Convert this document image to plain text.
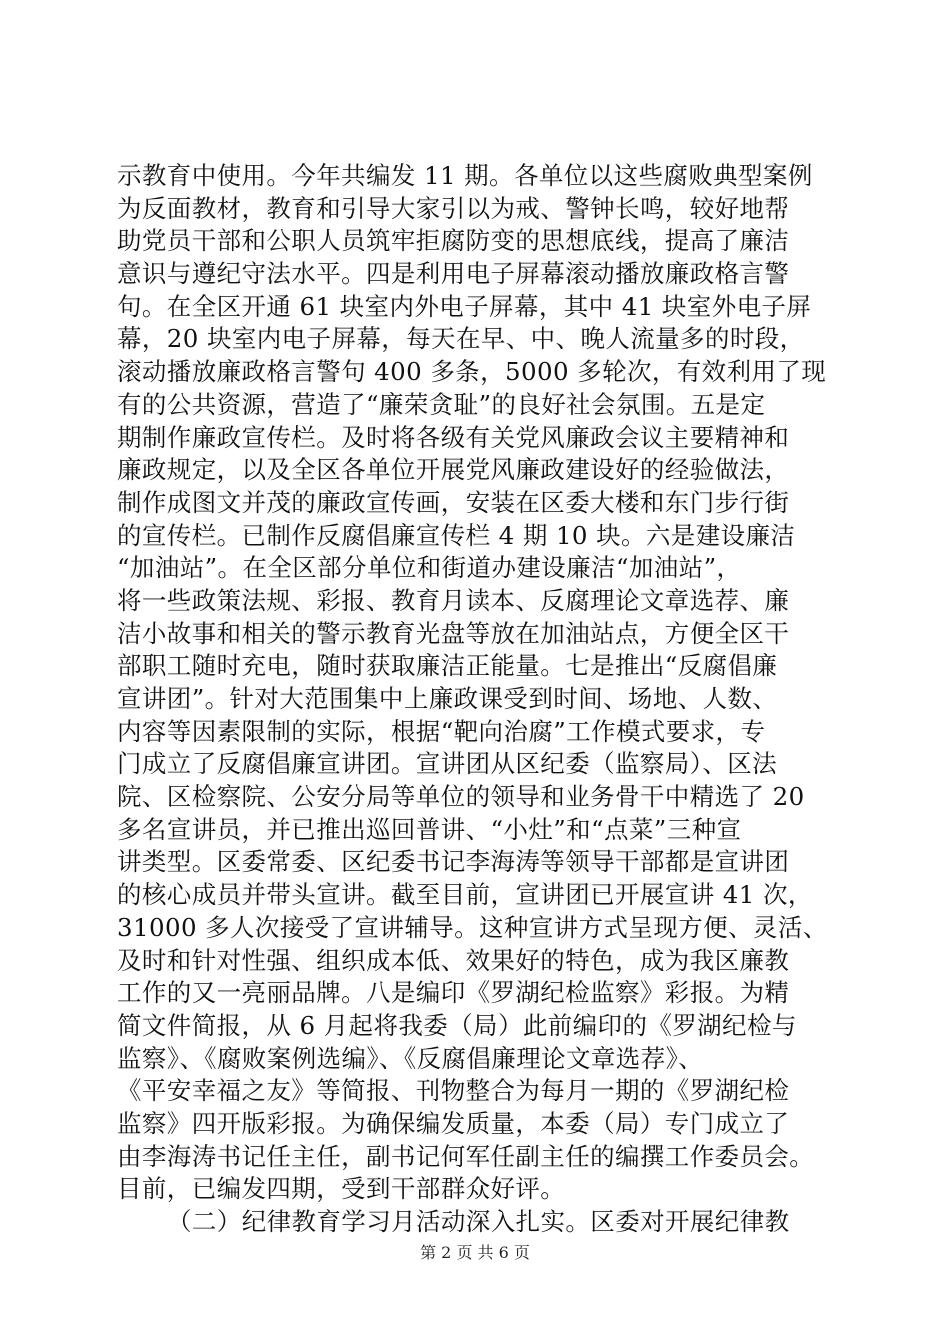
示教育中使用。今年共编发 11 期。各单位以这些腐败典型案例
为反面教材，教育和引导大家引以为戒、警钟长鸣，较好地帮
助党员干部和公职人员筑牢拒腐防变的思想底线，提高了廉洁
意识与遵纪守法水平。四是利用电子屏幕滚动播放廉政格言警
句。在全区开通 61 块室内外电子屏幕，其中 41 块室外电子屏
幕，20 块室内电子屏幕，每天在早、中、晚人流量多的时段，
滚动播放廉政格言警句 400 多条，5000 多轮次，有效利用了现
有的公共资源，营造了“廉荣贪耻”的良好社会氛围。五是定
期制作廉政宣传栏。及时将各级有关党风廉政会议主要精神和
廉政规定，以及全区各单位开展党风廉政建设好的经验做法，
制作成图文并茂的廉政宣传画，安装在区委大楼和东门步行街
的宣传栏。已制作反腐倡廉宣传栏 4 期 10 块。六是建设廉洁
“加油站”。在全区部分单位和街道办建设廉洁“加油站”，
将一些政策法规、彩报、教育月读本、反腐理论文章选荐、廉
洁小故事和相关的警示教育光盘等放在加油站点，方便全区干
部职工随时充电，随时获取廉洁正能量。七是推出“反腐倡廉
宣讲团”。针对大范围集中上廉政课受到时间、场地、人数、
内容等因素限制的实际，根据“靶向治腐”工作模式要求，专
门成立了反腐倡廉宣讲团。宣讲团从区纪委（监察局）、区法
院、区检察院、公安分局等单位的领导和业务骨干中精选了 20
多名宣讲员，并已推出巡回普讲、“小灶”和“点菜”三种宣
讲类型。区委常委、区纪委书记李海涛等领导干部都是宣讲团
的核心成员并带头宣讲。截至目前，宣讲团已开展宣讲 41 次，
31000 多人次接受了宣讲辅导。这种宣讲方式呈现方便、灵活、
及时和针对性强、组织成本低、效果好的特色，成为我区廉教
工作的又一亮丽品牌。八是编印《罗湖纪检监察》彩报。为精
简文件简报，从 6 月起将我委（局）此前编印的《罗湖纪检与
监察》、《腐败案例选编》、《反腐倡廉理论文章选荐》、
《平安幸福之友》等简报、刊物整合为每月一期的《罗湖纪检
监察》四开版彩报。为确保编发质量，本委（局）专门成立了
由李海涛书记任主任，副书记何军任副主任的编撰工作委员会。
目前，已编发四期，受到干部群众好评。
（二）纪律教育学习月活动深入扎实。区委对开展纪律教
第 2 页 共 6 页
